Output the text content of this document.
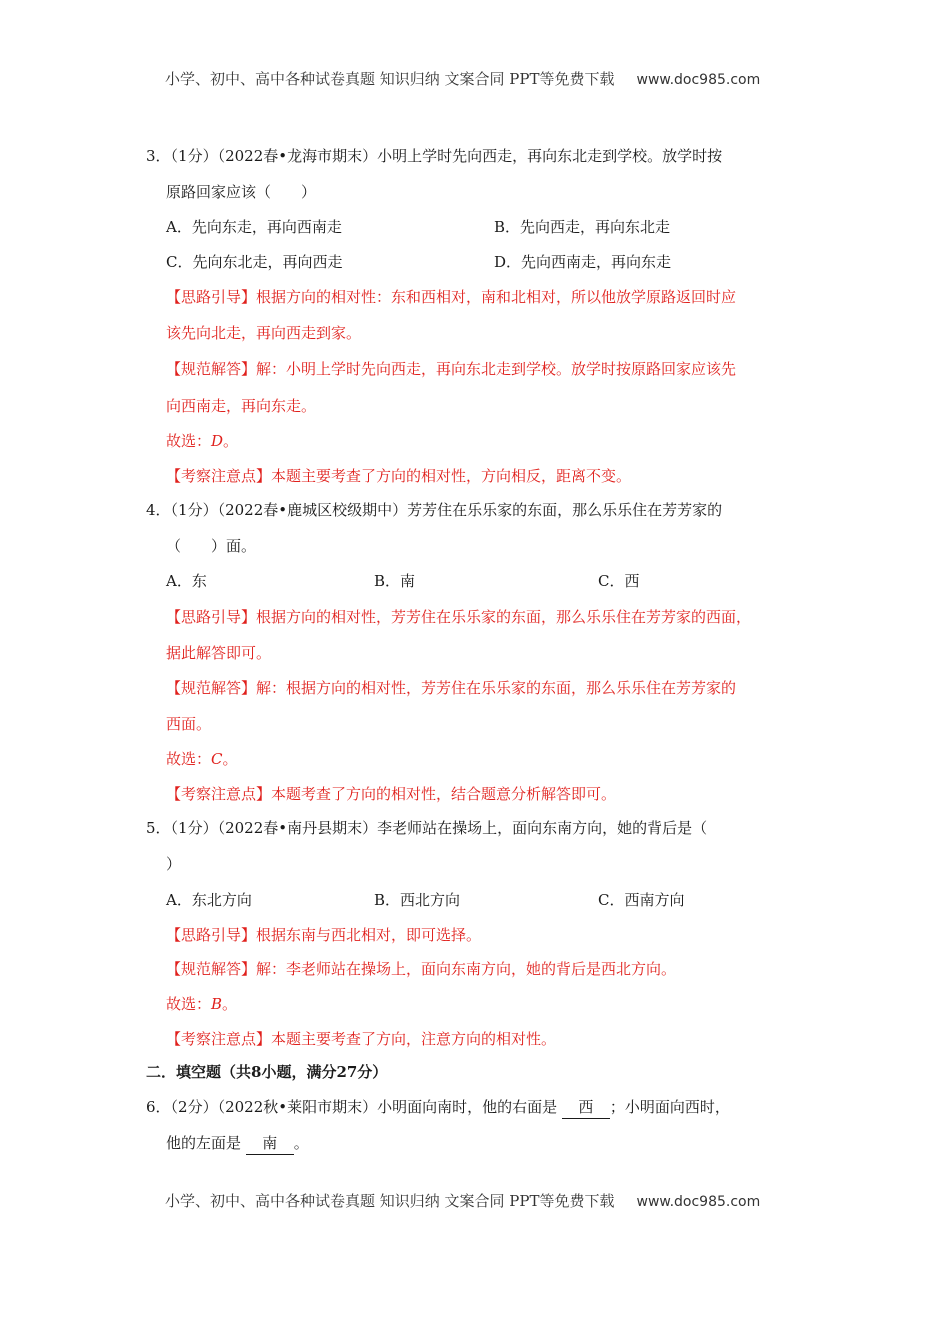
小学、初中、高中各种试卷真题 知识归纳 文案合同 PPT等免费下载 www.doc985.com
3．（1分）（2022春•龙海市期末）小明上学时先向西走，再向东北走到学校。放学时按
原路回家应该（　　）
A．先向东走，再向西南走	B．先向西走，再向东北走
C．先向东北走，再向西走	D．先向西南走，再向东走
【思路引导】根据方向的相对性：东和西相对，南和北相对，所以他放学原路返回时应
该先向北走，再向西走到家。
【规范解答】解：小明上学时先向西走，再向东北走到学校。放学时按原路回家应该先
向西南走，再向东走。
故选：D。
【考察注意点】本题主要考查了方向的相对性，方向相反，距离不变。
4．（1分）（2022春•鹿城区校级期中）芳芳住在乐乐家的东面，那么乐乐住在芳芳家的
（　　）面。
A．东	B．南	C．西
【思路引导】根据方向的相对性，芳芳住在乐乐家的东面，那么乐乐住在芳芳家的西面，
据此解答即可。
【规范解答】解：根据方向的相对性，芳芳住在乐乐家的东面，那么乐乐住在芳芳家的
西面。
故选：C。
【考察注意点】本题考查了方向的相对性，结合题意分析解答即可。
5．（1分）（2022春•南丹县期末）李老师站在操场上，面向东南方向，她的背后是（
）
A．东北方向	B．西北方向	C．西南方向
【思路引导】根据东南与西北相对，即可选择。
【规范解答】解：李老师站在操场上，面向东南方向，她的背后是西北方向。
故选：B。
【考察注意点】本题主要考查了方向，注意方向的相对性。
二．填空题（共8小题，满分27分）
6．（2分）（2022秋•莱阳市期末）小明面向南时，他的右面是 西 ；小明面向西时，
他的左面是 南 。
小学、初中、高中各种试卷真题 知识归纳 文案合同 PPT等免费下载 www.doc985.com
